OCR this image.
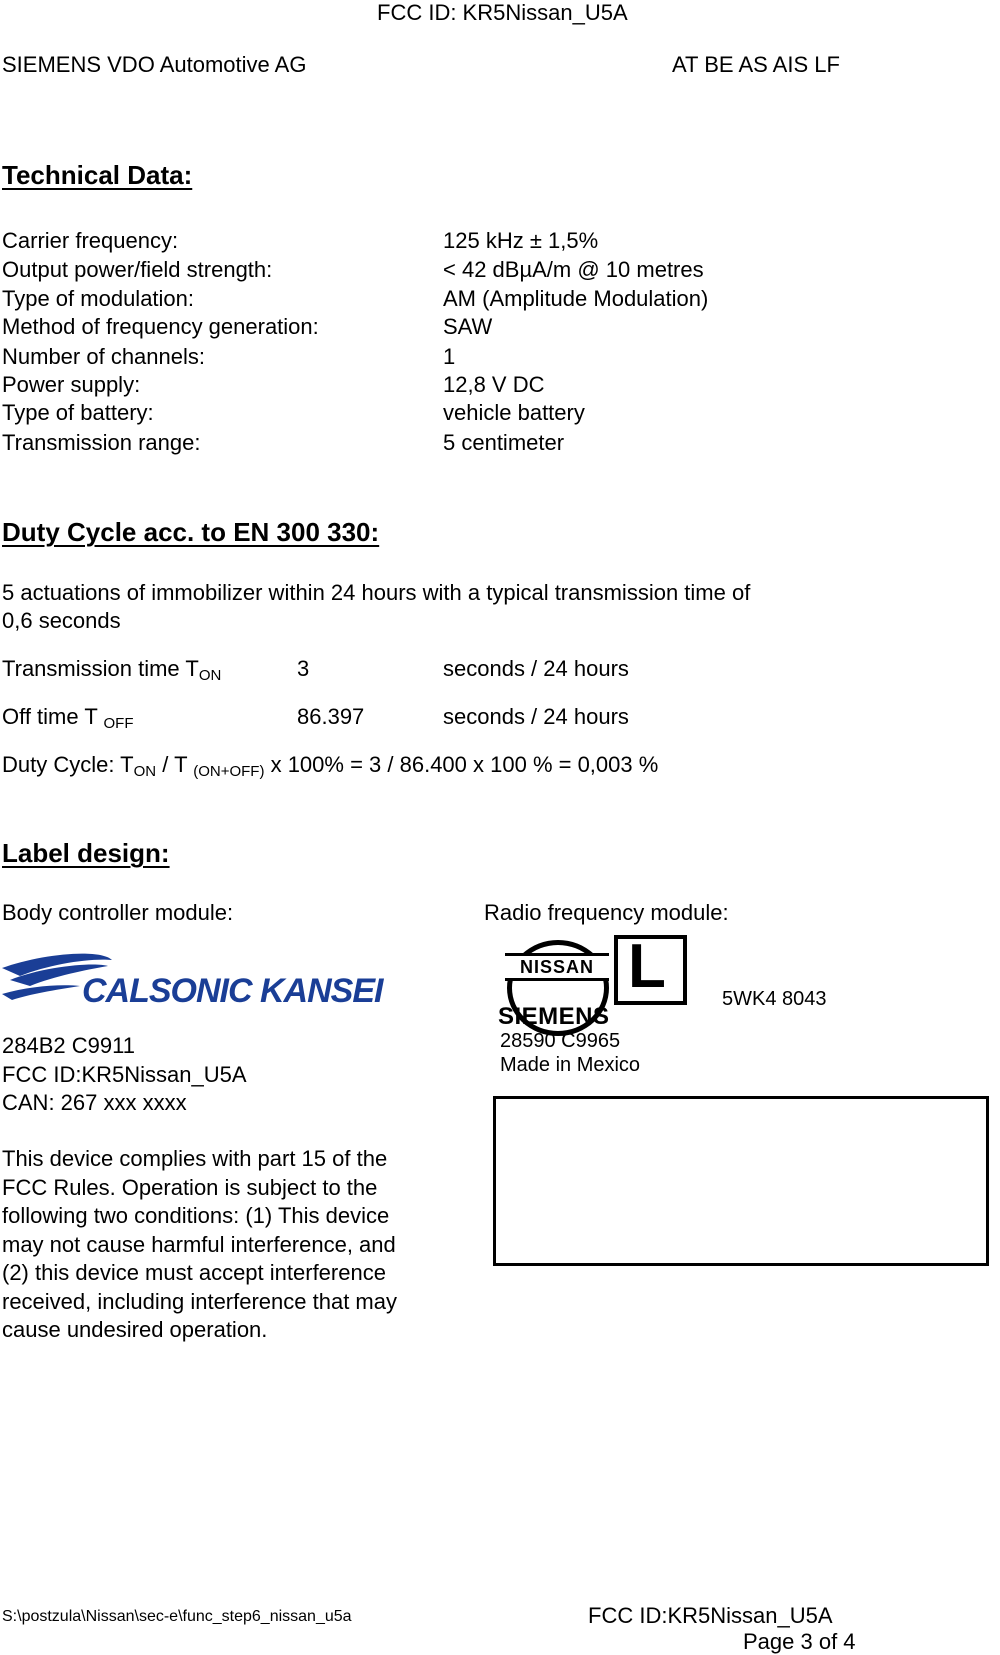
FCC ID: KR5Nissan_U5A
SIEMENS VDO Automotive AG	AT BE AS AIS LF
Technical Data:
Carrier frequency:	125 kHz ± 1,5%
Output power/field strength:	< 42 dBµA/m @ 10 metres
Type of modulation:	AM (Amplitude Modulation)
Method of frequency generation:	SAW
Number of channels:	1
Power supply:	12,8 V DC
Type of battery:	vehicle battery
Transmission range:	5 centimeter
Duty Cycle acc. to EN 300 330:
5 actuations of immobilizer within 24 hours with a typical transmission time of
0,6 seconds
Transmission time $T_{ON}$	3	seconds / 24 hours
Off time T $_{OFF}$	86.397	seconds / 24 hours
Duty Cycle: $T_{ON}$ / T $_{(ON+OFF)}$ x 100% = 3 / 86.400 x 100 % = 0,003 %
Label design:
Body controller module:	Radio frequency module:
CALSONIC KANSEI
284B2 C9911
FCC ID:KR5Nissan_U5A
CAN: 267 xxx xxxx
This device complies with part 15 of the
FCC Rules. Operation is subject to the
following two conditions: (1) This device
may not cause harmful interference, and
(2) this device must accept interference
received, including interference that may
cause undesired operation.
NISSAN L	5WK4 8043
SIEMENS
28590 C9965
Made in Mexico
S:\postzula\Nissan\sec-e\func_step6_nissan_u5a	FCC ID:KR5Nissan_U5A
Page 3 of 4
